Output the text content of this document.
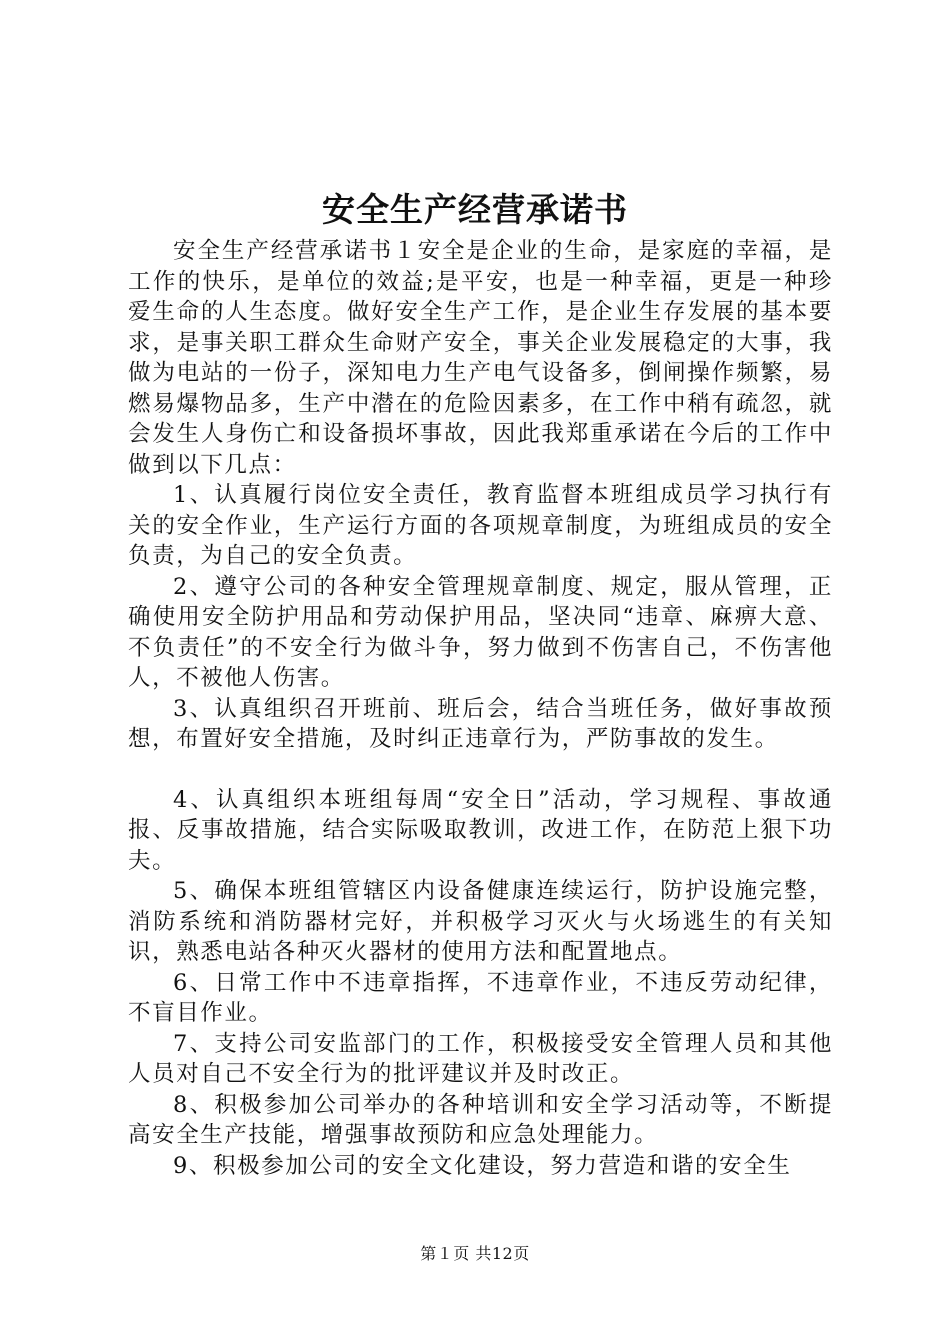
安全生产经营承诺书

安全生产经营承诺书１安全是企业的生命，是家庭的幸福，是工作的快乐，是单位的效益;是平安，也是一种幸福，更是一种珍爱生命的人生态度。做好安全生产工作，是企业生存发展的基本要求，是事关职工群众生命财产安全，事关企业发展稳定的大事，我做为电站的一份子，深知电力生产电气设备多，倒闸操作频繁，易燃易爆物品多，生产中潜在的危险因素多，在工作中稍有疏忽，就会发生人身伤亡和设备损坏事故，因此我郑重承诺在今后的工作中做到以下几点：

1、认真履行岗位安全责任，教育监督本班组成员学习执行有关的安全作业，生产运行方面的各项规章制度，为班组成员的安全负责，为自己的安全负责。

2、遵守公司的各种安全管理规章制度、规定，服从管理，正确使用安全防护用品和劳动保护用品，坚决同“违章、麻痹大意、不负责任”的不安全行为做斗争，努力做到不伤害自己，不伤害他人，不被他人伤害。

3、认真组织召开班前、班后会，结合当班任务，做好事故预想，布置好安全措施，及时纠正违章行为，严防事故的发生。

4、认真组织本班组每周“安全日”活动，学习规程、事故通报、反事故措施，结合实际吸取教训，改进工作，在防范上狠下功夫。

5、确保本班组管辖区内设备健康连续运行，防护设施完整，消防系统和消防器材完好，并积极学习灭火与火场逃生的有关知识，熟悉电站各种灭火器材的使用方法和配置地点。

6、日常工作中不违章指挥，不违章作业，不违反劳动纪律，不盲目作业。

7、支持公司安监部门的工作，积极接受安全管理人员和其他人员对自己不安全行为的批评建议并及时改正。

8、积极参加公司举办的各种培训和安全学习活动等，不断提高安全生产技能，增强事故预防和应急处理能力。

9、积极参加公司的安全文化建设，努力营造和谐的安全生

第１页 共12页
